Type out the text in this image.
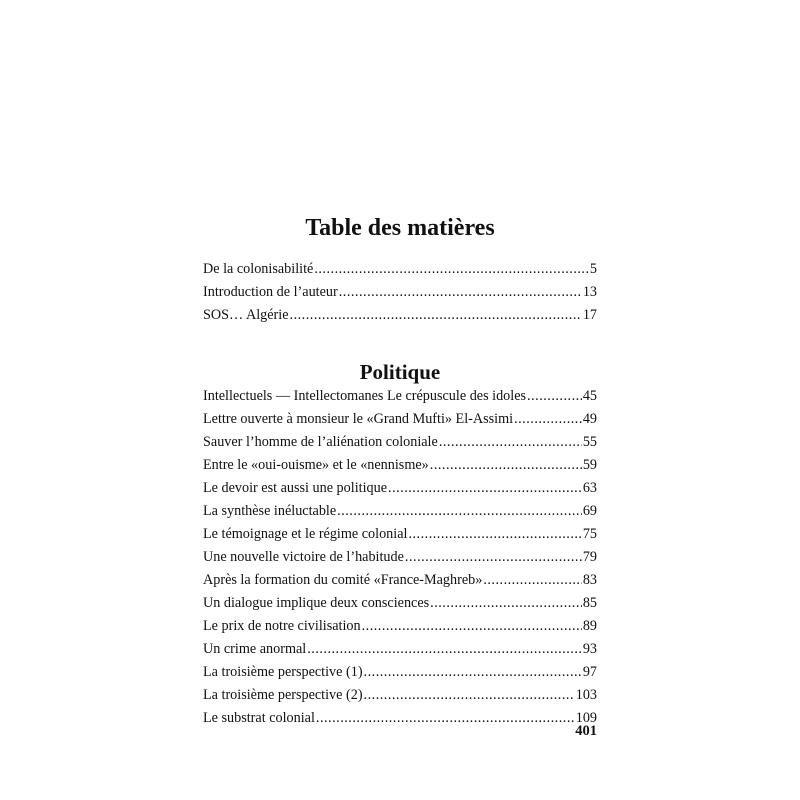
Table des matières
De la colonisabilité .....	5
Introduction de l’auteur .....	13
SOS… Algérie .....	17
Politique
Intellectuels — Intellectomanes Le crépuscule des idoles .....	45
Lettre ouverte à monsieur le «Grand Mufti» El-Assimi .....	49
Sauver l’homme de l’aliénation coloniale .....	55
Entre le «oui-ouisme» et le «nennisme» .....	59
Le devoir est aussi une politique .....	63
La synthèse inéluctable .....	69
Le témoignage et le régime colonial .....	75
Une nouvelle victoire de l’habitude .....	79
Après la formation du comité «France-Maghreb» .....	83
Un dialogue implique deux consciences .....	85
Le prix de notre civilisation .....	89
Un crime anormal .....	93
La troisième perspective (1) .....	97
La troisième perspective (2) .....	103
Le substrat colonial .....	109
401
